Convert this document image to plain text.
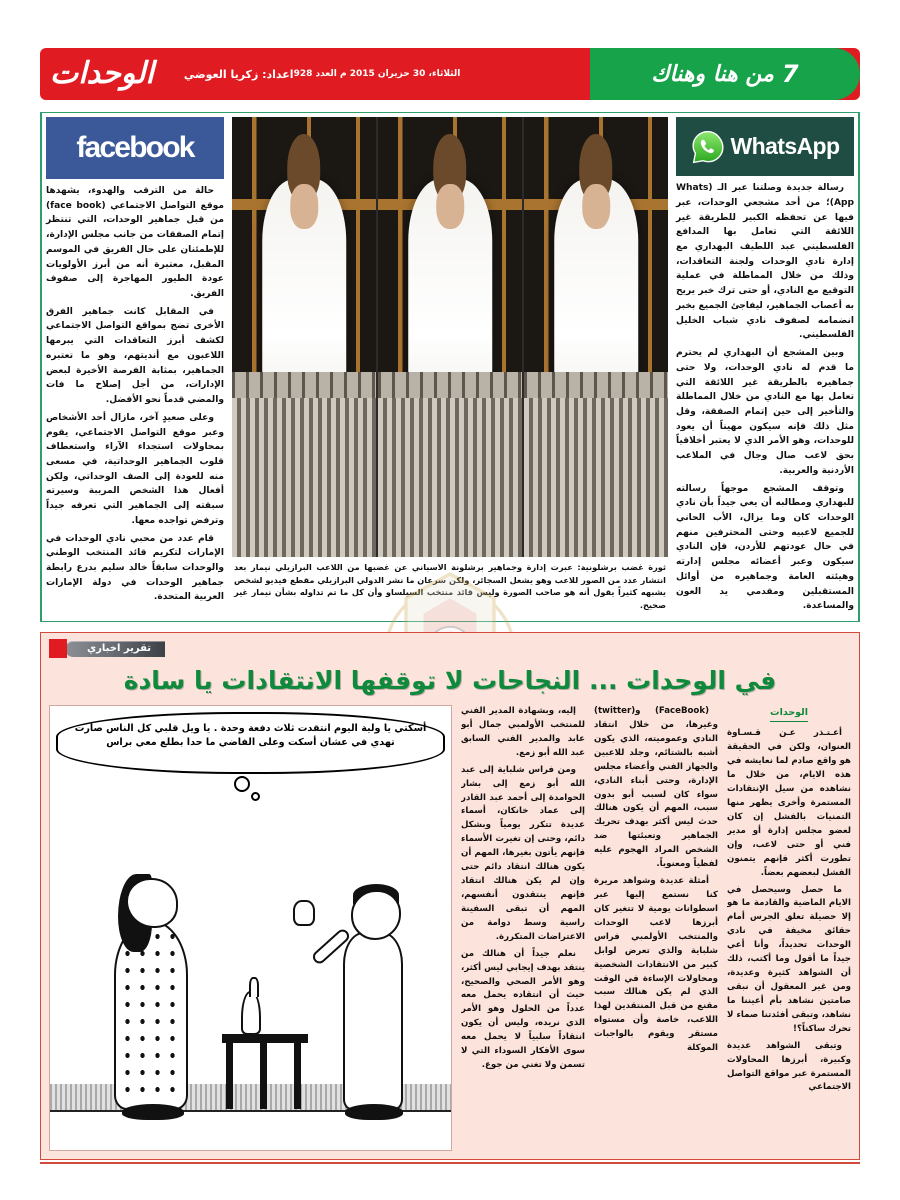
الوحدات	اعداد: زكريا العوضي الثلاثاء، 30 حزيران 2015 م العدد 928	من هنا وهناك 7
WhatsApp

رسالة جديدة وصلتنا عبر الـ (Whats App)؛ من أحد مشجعي الوحدات، عبر فيها عن تحفظه الكبير للطريقة غير اللائقة التي تعامل بها المدافع الفلسطيني عبد اللطيف البهداري مع إدارة نادي الوحدات ولجنة التعاقدات، وذلك من خلال المماطلة في عملية التوقيع مع النادي، أو حتى ترك خبر يريح به أعصاب الجماهير، ليفاجئ الجميع بخبر انضمامه لصفوف نادي شباب الخليل الفلسطيني.

وبين المشجع أن البهداري لم يحترم ما قدم له نادي الوحدات، ولا حتى جماهيره بالطريقة غير اللائقة التي تعامل بها مع النادي من خلال المماطلة والتأخير إلى حين إتمام الصفقة، وقل مثل ذلك فإنه سيكون مهيناً أن يعود للوحدات، وهو الأمر الذي لا يعتبر أخلاقياً بحق لاعب صال وجال في الملاعب الأردنية والعربية.

وتوقف المشجع موجهاً رسالته للبهداري ومطالبه أن يعي جيداً بأن نادي الوحدات كان وما يزال، الأب الحاني للجميع لاعبيه وحتى المحترفين منهم في حال عودتهم للأردن، فإن النادي سيكون وعبر أعضائه مجلس إدارته وهيئته العامة وجماهيره من أوائل المستقبلين ومقدمي يد العون والمساعدة.

ثورة غضب برشلونية: عبرت إدارة وجماهير برشلونة الاسباني عن غضبها من اللاعب البرازيلي نيمار بعد انتشار عدد من الصور للاعب وهو يشعل السجائر، ولكن سرعان ما نشر الدولي البرازيلي مقطع فيديو لشخص يشبهه كثيراً يقول أنه هو صاحب الصورة وليس قائد منتخب السيلساو وأن كل ما تم تداوله بشأن نيمار غير صحيح.
facebook

حالة من الترقب والهدوء، يشهدها موقع التواصل الاجتماعي (face book) من قبل جماهير الوحدات، التي تنتظر إتمام الصفقات من جانب مجلس الإدارة، للإطمئنان على حال الفريق في الموسم المقبل، معتبرة أنه من أبرز الأولويات عودة الطيور المهاجرة إلى صفوف الفريق.

في المقابل كانت جماهير الفرق الأخرى تضج بمواقع التواصل الاجتماعي لكشف أبرز التعاقدات التي يبرمها اللاعبون مع أنديتهم، وهو ما تعتبره الجماهير، بمثابة الفرصة الأخيرة لبعض الإدارات، من أجل إصلاح ما فات والمضي قدماً نحو الأفضل.

وعلى صعيدٍ آخر، مازال أحد الأشخاص وعبر موقع التواصل الاجتماعي، يقوم بمحاولات استجداء الآراء واستعطاف قلوب الجماهير الوحداتية، في مسعى منه للعودة إلى الصف الوحداتي، ولكن أفعال هذا الشخص المريبة وسيرته سبقته إلى الجماهير التي تعرفه جيداً وترفض تواجده معها.

قام عدد من محبي نادي الوحدات في الإمارات لتكريم قائد المنتخب الوطني والوحدات سابقاً خالد سليم بدرع رابطة جماهير الوحدات في دولة الإمارات العربية المتحدة.

تقرير اخباري
في الوحدات ... النجاحات لا توقفها الانتقادات يا سادة
الوحدات

أعـتـذر عـن قـسـاوة العنوان، ولكن في الحقيقة هو واقع صادم لما نعايشه في هذه الايام، من خلال ما نشاهده من سيل الإنتقادات المستمرة وأخرى يظهر منها التمنيات بالفشل إن كان لعضو مجلس إدارة أو مدير فني أو حتى لاعب، وإن تطورت أكثر فإنهم يتمنون الفشل لبعضهم بعضاً.

ما حصل وسيحصل في الايام الماضية والقادمة ما هو إلا حصيلة تعلق الجرس أمام حقائق مخيفة في نادي الوحدات تحديداً، وأنا أعي جيداً ما أقول وما أكتب، ذلك أن الشواهد كثيرة وعديدة، ومن غير المعقول أن نبقى صامتين نشاهد بأم أعيننا ما نشاهد، وتبقى أفئدتنا صماء لا تحرك ساكناً؟!

وتبقى الشواهد عديدة وكبيرة، أبرزها المحاولات المستمرة عبر مواقع التواصل الاجتماعي

(FaceBook) و(twitter) وغيرها، من خلال انتقاد النادي وعموميته، الذي يكون أشبه بالشتائم، وجلد للاعبين والجهاز الفني وأعضاء مجلس الإدارة، وحتى أبناء النادي، سواء كان لسبب أبو بدون سبب، المهم أن يكون هنالك حدث ليس أكثر بهدف تحريك الجماهير وتعبئتها ضد الشخص المراد الهجوم عليه لفظياً ومعنوياً.

أمثلة عديدة وشواهد مريرة كنا نستمع إليها عبر اسطوانات يومية لا تتغير كان أبرزها لاعب الوحدات والمنتخب الأولمبي فراس شلباية والذي تعرض لوابل كبير من الانتقادات الشخصية ومحاولات الإساءة في الوقت الذي لم يكن هنالك سبب مقنع من قبل المنتقدين لهذا اللاعب، خاصة وأن مستواه مستقر ويقوم بالواجبات الموكلة

إليه، وبشهادة المدير الفني للمنتخب الأولمبي جمال أبو عابد والمدير الفني السابق عبد الله أبو زمع.

ومن فراس شلباية إلى عبد الله أبو زمع إلى بشار الحوامدة إلى أحمد عبد القادر إلى عماد خانكان، أسماء عديدة تتكرر يومياً وبشكل دائم، وحتى إن تغيرت الأسماء فإنهم يأتون بغيرها، المهم أن يكون هنالك انتقاد دائم حتى وإن لم يكن هنالك انتقاد فإنهم ينتقدون أنفسهم، المهم أن تبقى السفينة راسية وسط دوامة من الاعتراضات المتكررة.

نعلم جيداً أن هنالك من ينتقد بهدف إيجابي ليس أكثر، وهو الأمر الصحي والصحيح، حيث أن انتقاده يحمل معه عدداً من الحلول وهو الأمر الذي نريده، وليس أن يكون انتقاداً سلبياً لا يحمل معه سوى الأفكار السوداء التي لا تسمن ولا تغني من جوع.

أسكتي يا ولية اليوم انتقدت ثلاث دفعة وحدة . يا ويل قلبي كل الناس صارت تهدي في عشان أسكت وعلى الفاضي ما حدا بطلع معي براس
